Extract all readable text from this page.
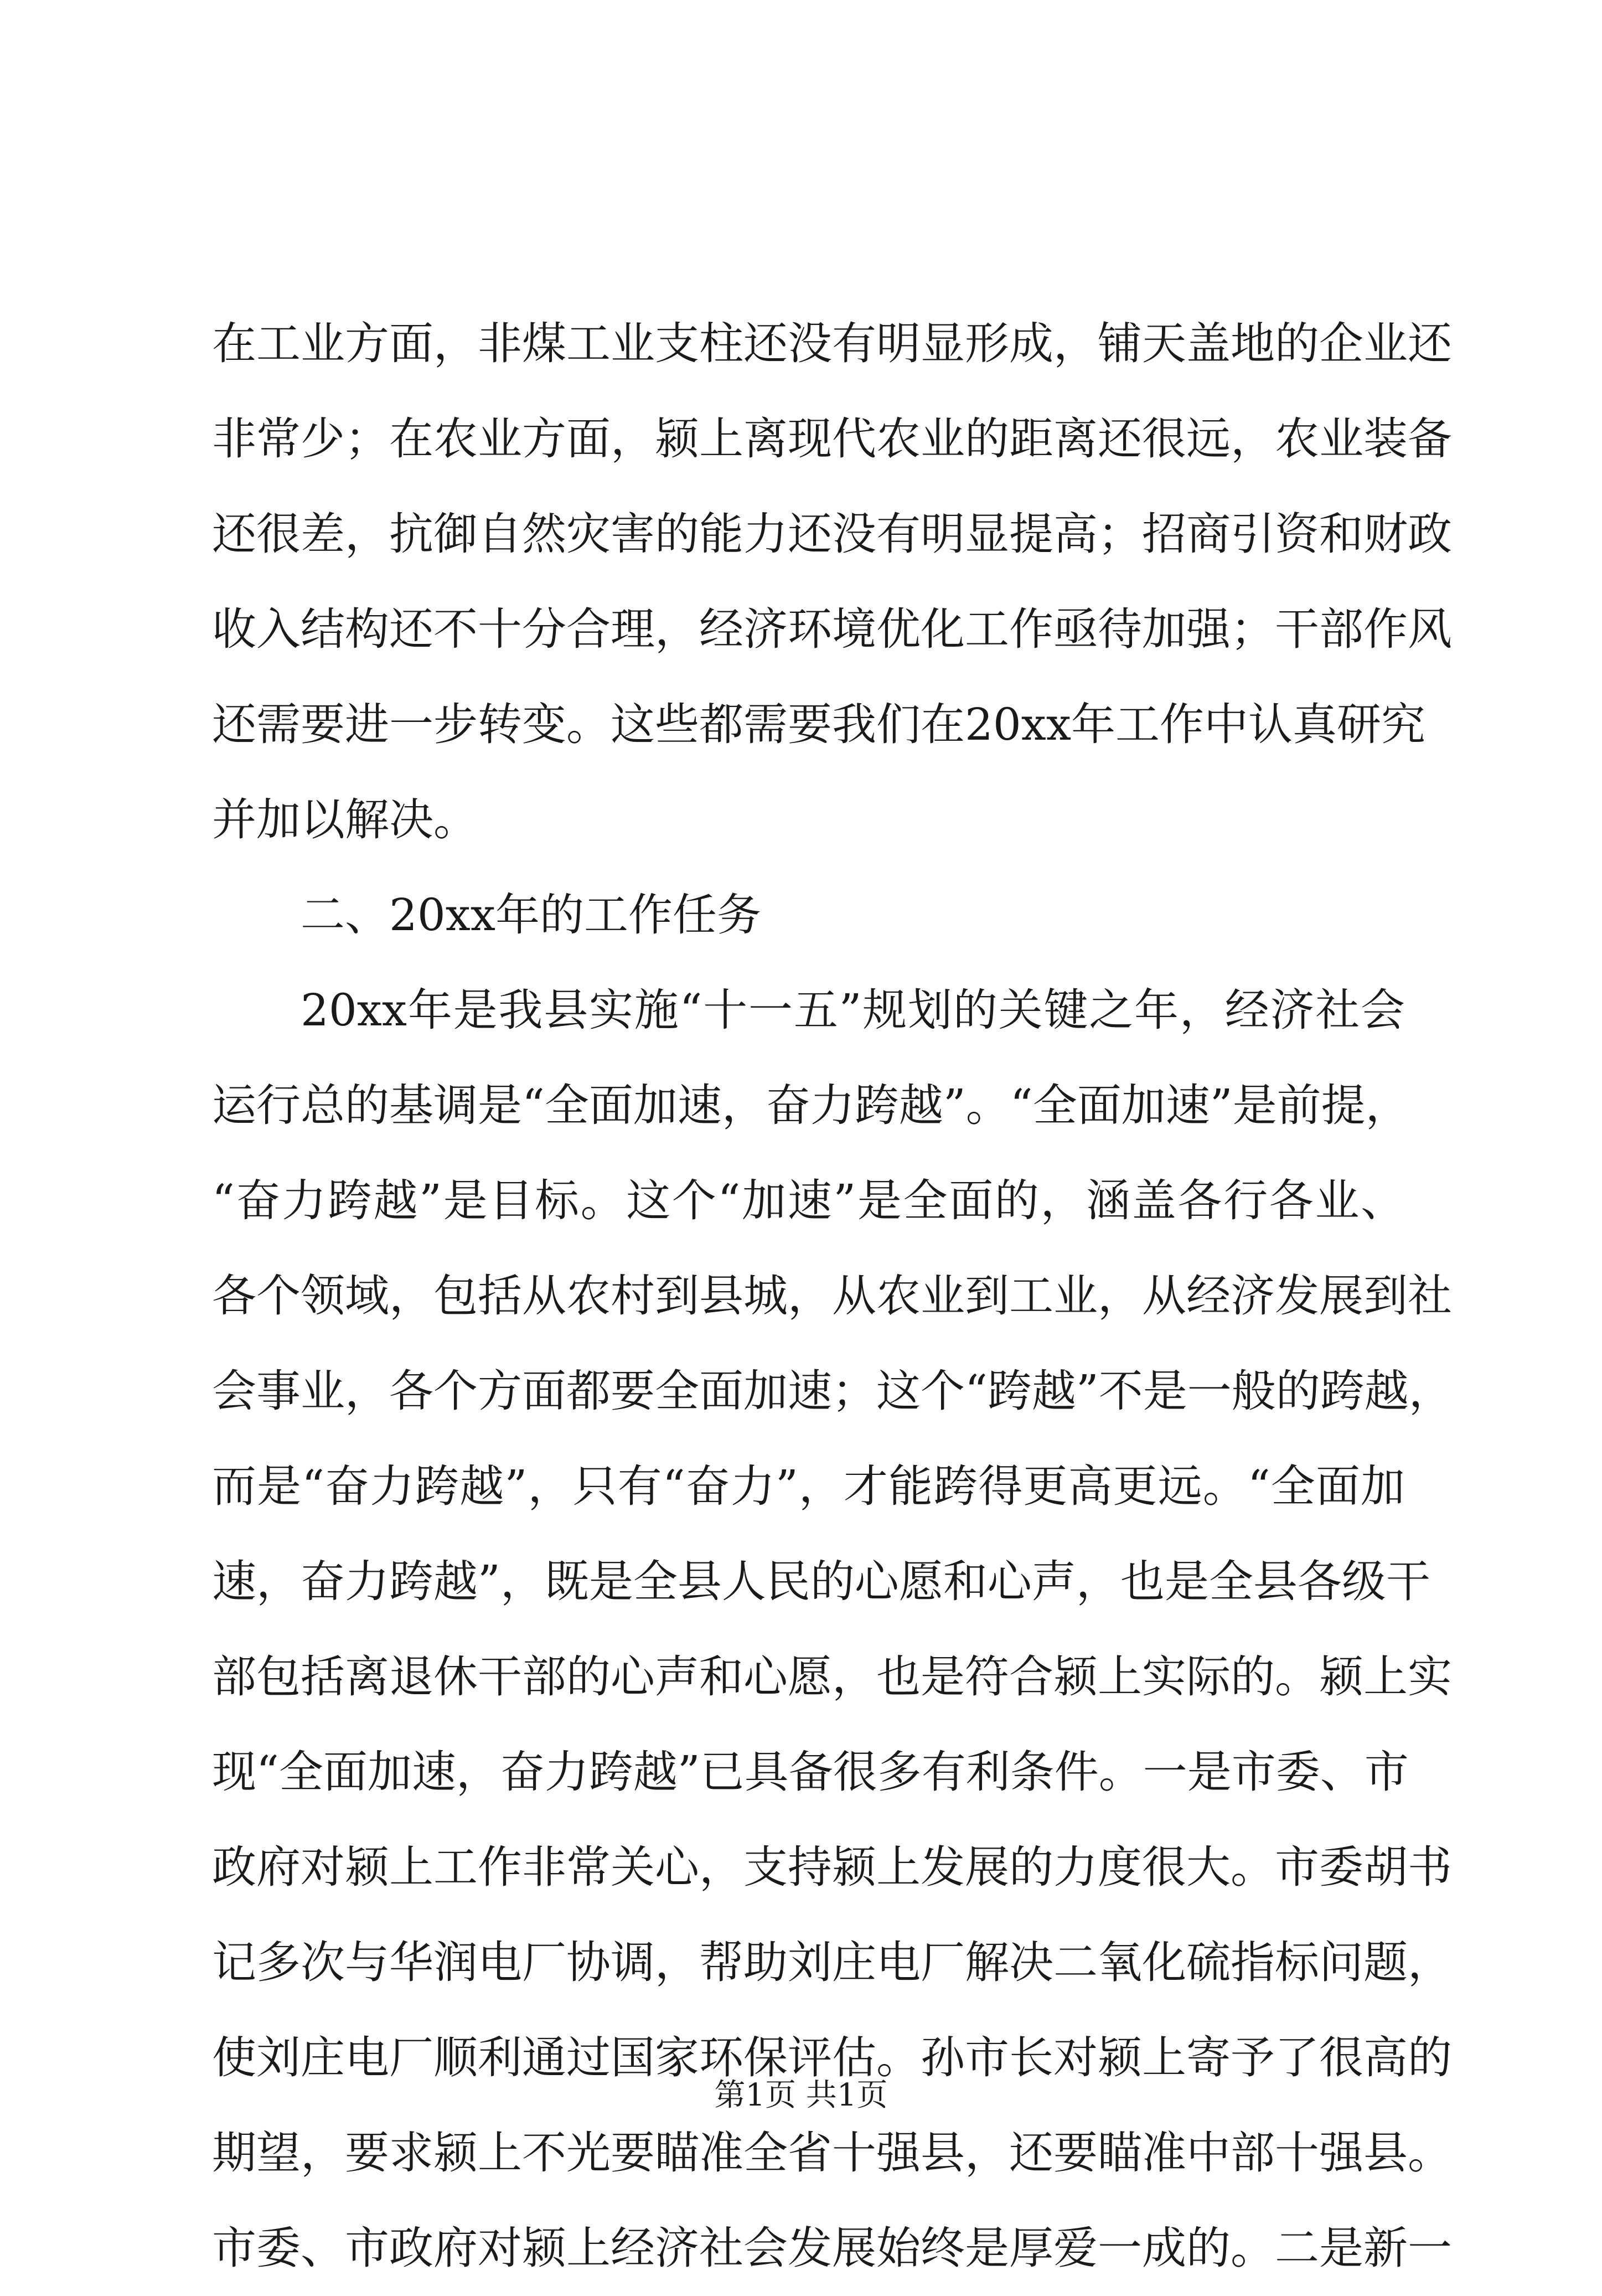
在工业方面，非煤工业支柱还没有明显形成，铺天盖地的企业还
非常少；在农业方面，颍上离现代农业的距离还很远，农业装备
还很差，抗御自然灾害的能力还没有明显提高；招商引资和财政
收入结构还不十分合理，经济环境优化工作亟待加强；干部作风
还需要进一步转变。这些都需要我们在20xx年工作中认真研究
并加以解决。
二、20xx年的工作任务
20xx年是我县实施“十一五”规划的关键之年，经济社会
运行总的基调是“全面加速，奋力跨越”。“全面加速”是前提，
“奋力跨越”是目标。这个“加速”是全面的，涵盖各行各业、
各个领域，包括从农村到县城，从农业到工业，从经济发展到社
会事业，各个方面都要全面加速；这个“跨越”不是一般的跨越，
而是“奋力跨越”，只有“奋力”，才能跨得更高更远。“全面加
速，奋力跨越”，既是全县人民的心愿和心声，也是全县各级干
部包括离退休干部的心声和心愿，也是符合颍上实际的。颍上实
现“全面加速，奋力跨越”已具备很多有利条件。一是市委、市
政府对颍上工作非常关心，支持颍上发展的力度很大。市委胡书
记多次与华润电厂协调，帮助刘庄电厂解决二氧化硫指标问题，
使刘庄电厂顺利通过国家环保评估。孙市长对颍上寄予了很高的
期望，要求颍上不光要瞄准全省十强县，还要瞄准中部十强县。
市委、市政府对颍上经济社会发展始终是厚爱一成的。二是新一
第1页 共1页
